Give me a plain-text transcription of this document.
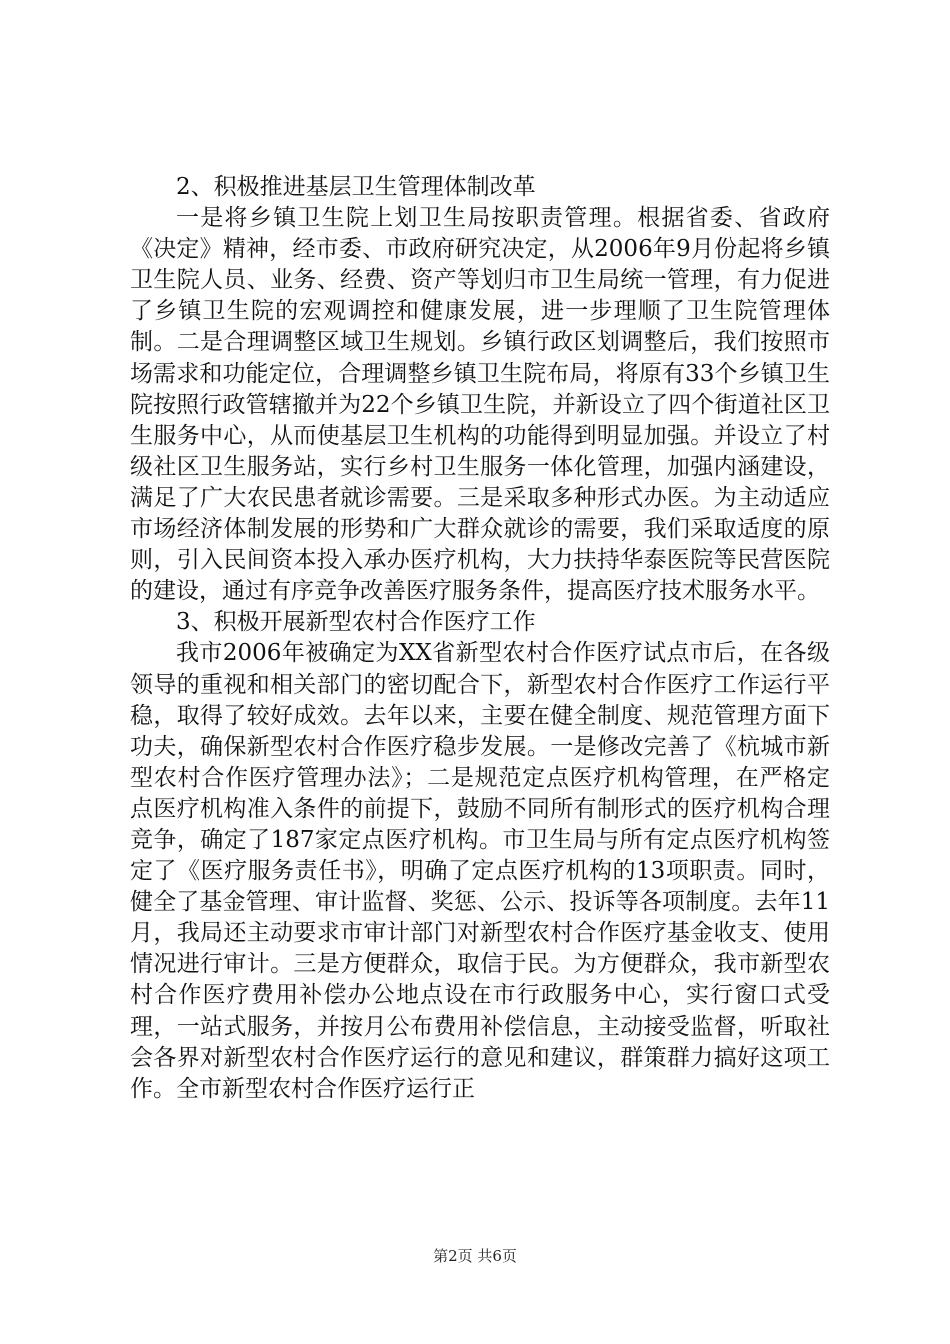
2、积极推进基层卫生管理体制改革

一是将乡镇卫生院上划卫生局按职责管理。根据省委、省政府《决定》精神，经市委、市政府研究决定，从2006年9月份起将乡镇卫生院人员、业务、经费、资产等划归市卫生局统一管理，有力促进了乡镇卫生院的宏观调控和健康发展，进一步理顺了卫生院管理体制。二是合理调整区域卫生规划。乡镇行政区划调整后，我们按照市场需求和功能定位，合理调整乡镇卫生院布局，将原有33个乡镇卫生院按照行政管辖撤并为22个乡镇卫生院，并新设立了四个街道社区卫生服务中心，从而使基层卫生机构的功能得到明显加强。并设立了村级社区卫生服务站，实行乡村卫生服务一体化管理，加强内涵建设，满足了广大农民患者就诊需要。三是采取多种形式办医。为主动适应市场经济体制发展的形势和广大群众就诊的需要，我们采取适度的原则，引入民间资本投入承办医疗机构，大力扶持华泰医院等民营医院的建设，通过有序竞争改善医疗服务条件，提高医疗技术服务水平。

3、积极开展新型农村合作医疗工作

我市2006年被确定为XX省新型农村合作医疗试点市后，在各级领导的重视和相关部门的密切配合下，新型农村合作医疗工作运行平稳，取得了较好成效。去年以来，主要在健全制度、规范管理方面下功夫，确保新型农村合作医疗稳步发展。一是修改完善了《杭城市新型农村合作医疗管理办法》；二是规范定点医疗机构管理，在严格定点医疗机构准入条件的前提下，鼓励不同所有制形式的医疗机构合理竞争，确定了187家定点医疗机构。市卫生局与所有定点医疗机构签定了《医疗服务责任书》，明确了定点医疗机构的13项职责。同时，健全了基金管理、审计监督、奖惩、公示、投诉等各项制度。去年11月，我局还主动要求市审计部门对新型农村合作医疗基金收支、使用情况进行审计。三是方便群众，取信于民。为方便群众，我市新型农村合作医疗费用补偿办公地点设在市行政服务中心，实行窗口式受理，一站式服务，并按月公布费用补偿信息，主动接受监督，听取社会各界对新型农村合作医疗运行的意见和建议，群策群力搞好这项工作。全市新型农村合作医疗运行正

第2页 共6页
